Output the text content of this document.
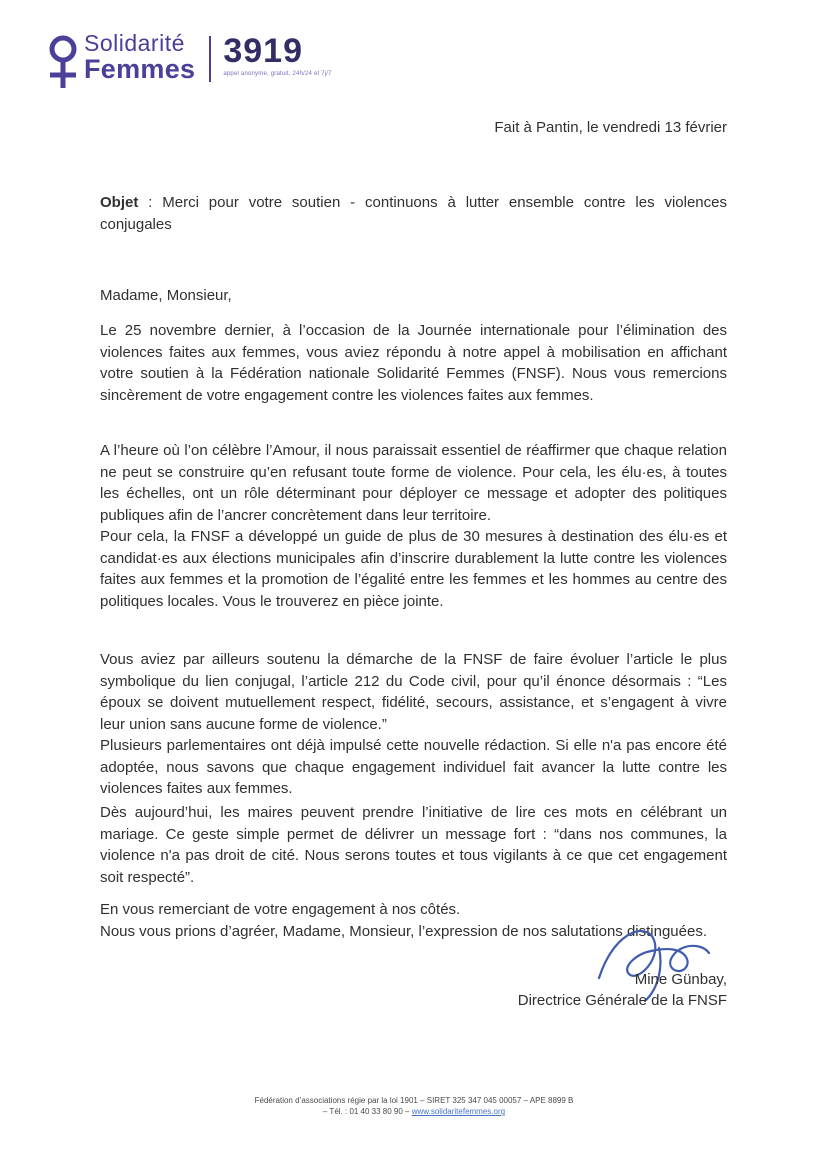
Solidarité
Femmes 3919
appel anonyme, gratuit, 24h/24 et 7j/7
Fait à Pantin, le vendredi 13 février

Objet : Merci pour votre soutien - continuons à lutter ensemble contre les violences conjugales

Madame, Monsieur,

Le 25 novembre dernier, à l’occasion de la Journée internationale pour l’élimination des violences faites aux femmes, vous aviez répondu à notre appel à mobilisation en affichant votre soutien à la Fédération nationale Solidarité Femmes (FNSF). Nous vous remercions sincèrement de votre engagement contre les violences faites aux femmes.

A l’heure où l’on célèbre l’Amour, il nous paraissait essentiel de réaffirmer que chaque relation ne peut se construire qu’en refusant toute forme de violence. Pour cela, les élu·es, à toutes les échelles, ont un rôle déterminant pour déployer ce message et adopter des politiques publiques afin de l’ancrer concrètement dans leur territoire.

Pour cela, la FNSF a développé un guide de plus de 30 mesures à destination des élu·es et candidat·es aux élections municipales afin d’inscrire durablement la lutte contre les violences faites aux femmes et la promotion de l’égalité entre les femmes et les hommes au centre des politiques locales. Vous le trouverez en pièce jointe.

Vous aviez par ailleurs soutenu la démarche de la FNSF de faire évoluer l’article le plus symbolique du lien conjugal, l’article 212 du Code civil, pour qu’il énonce désormais : “Les époux se doivent mutuellement respect, fidélité, secours, assistance, et s’engagent à vivre leur union sans aucune forme de violence.”

Plusieurs parlementaires ont déjà impulsé cette nouvelle rédaction. Si elle n'a pas encore été adoptée, nous savons que chaque engagement individuel fait avancer la lutte contre les violences faites aux femmes.

Dès aujourd’hui, les maires peuvent prendre l’initiative de lire ces mots en célébrant un mariage. Ce geste simple permet de délivrer un message fort : “dans nos communes, la violence n'a pas droit de cité. Nous serons toutes et tous vigilants à ce que cet engagement soit respecté”.

En vous remerciant de votre engagement à nos côtés.

Nous vous prions d’agréer, Madame, Monsieur, l’expression de nos salutations distinguées.

Mine Günbay,
Directrice Générale de la FNSF
Fédération d’associations régie par la loi 1901 – SIRET 325 347 045 00057 – APE 8899 B
– Tél. : 01 40 33 80 90 – www.solidaritefemmes.org
